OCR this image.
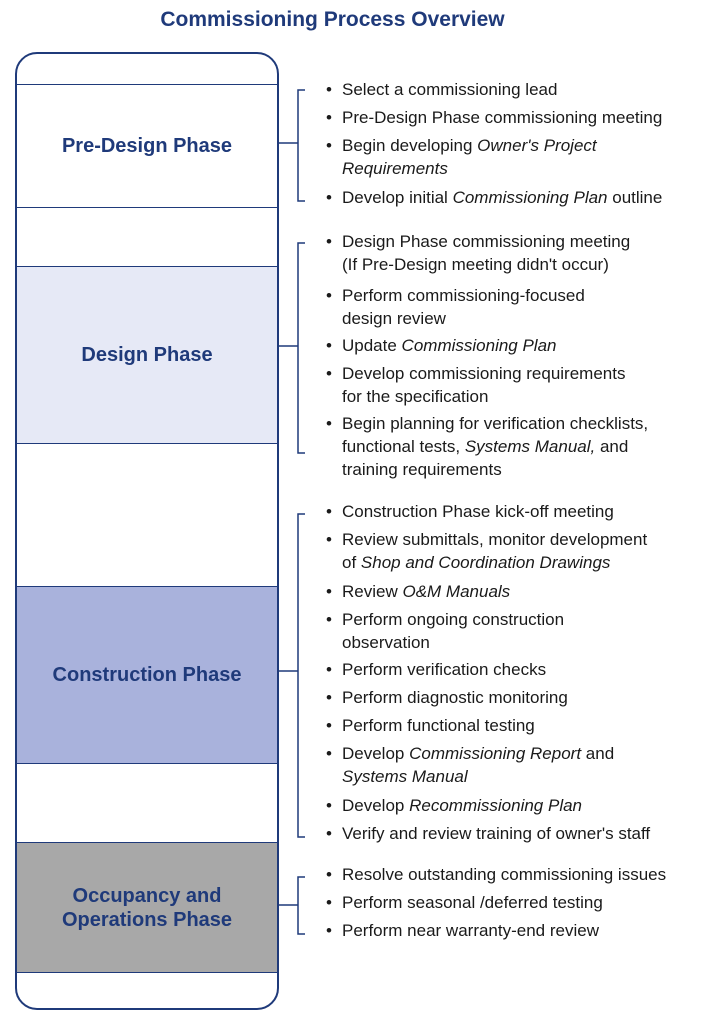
Commissioning Process Overview
Pre-Design Phase
Design Phase
Construction Phase
Occupancy and
Operations Phase
• Select a commissioning lead
• Pre-Design Phase commissioning meeting
• Begin developing Owner's Project
Requirements
• Develop initial Commissioning Plan outline
• Design Phase commissioning meeting
(If Pre-Design meeting didn't occur)
• Perform commissioning-focused
design review
• Update Commissioning Plan
• Develop commissioning requirements
for the specification
• Begin planning for verification checklists,
functional tests, Systems Manual, and
training requirements
• Construction Phase kick-off meeting
• Review submittals, monitor development
of Shop and Coordination Drawings
• Review O&M Manuals
• Perform ongoing construction
observation
• Perform verification checks
• Perform diagnostic monitoring
• Perform functional testing
• Develop Commissioning Report and
Systems Manual
• Develop Recommissioning Plan
• Verify and review training of owner's staff
• Resolve outstanding commissioning issues
• Perform seasonal /deferred testing
• Perform near warranty-end review
